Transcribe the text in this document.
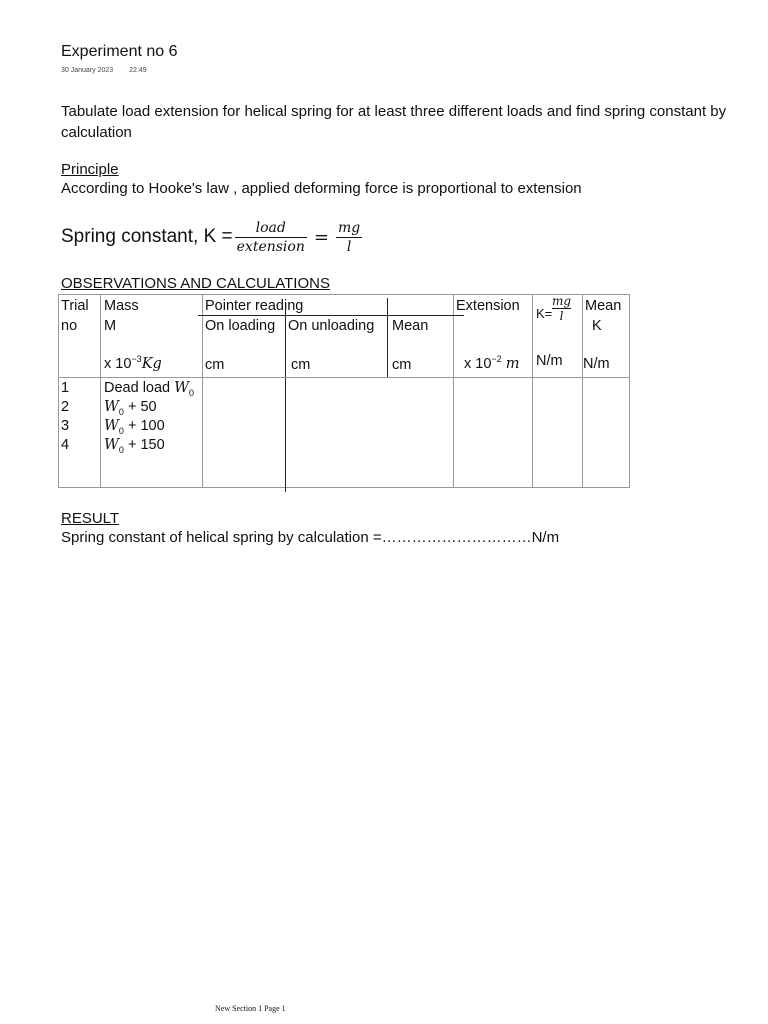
Experiment no 6
30 January 2023 22:49
Tabulate load extension for helical spring for at least three different loads and find spring constant by calculation
Principle
According to Hooke's law , applied deforming force is proportional to extension
Spring constant, $K = \frac{\text{load}}{\text{extension}} = \frac{mg}{l}$
OBSERVATIONS AND CALCULATIONS
Trial
no
Mass
M
x $10^{-3}Kg$
Pointer reading
On loading On unloading Mean
cm	cm	cm
Extension
x $10^{-2}$ m
K=
mg
l
N/m
Mean
K
N/m
1 Dead load $W_0$
2 $W_0 + 50$
3 $W_0 + 100$
4 $W_0 + 150$
RESULT
Spring constant of helical spring by calculation =…………………………N/m
New Section 1 Page 1
